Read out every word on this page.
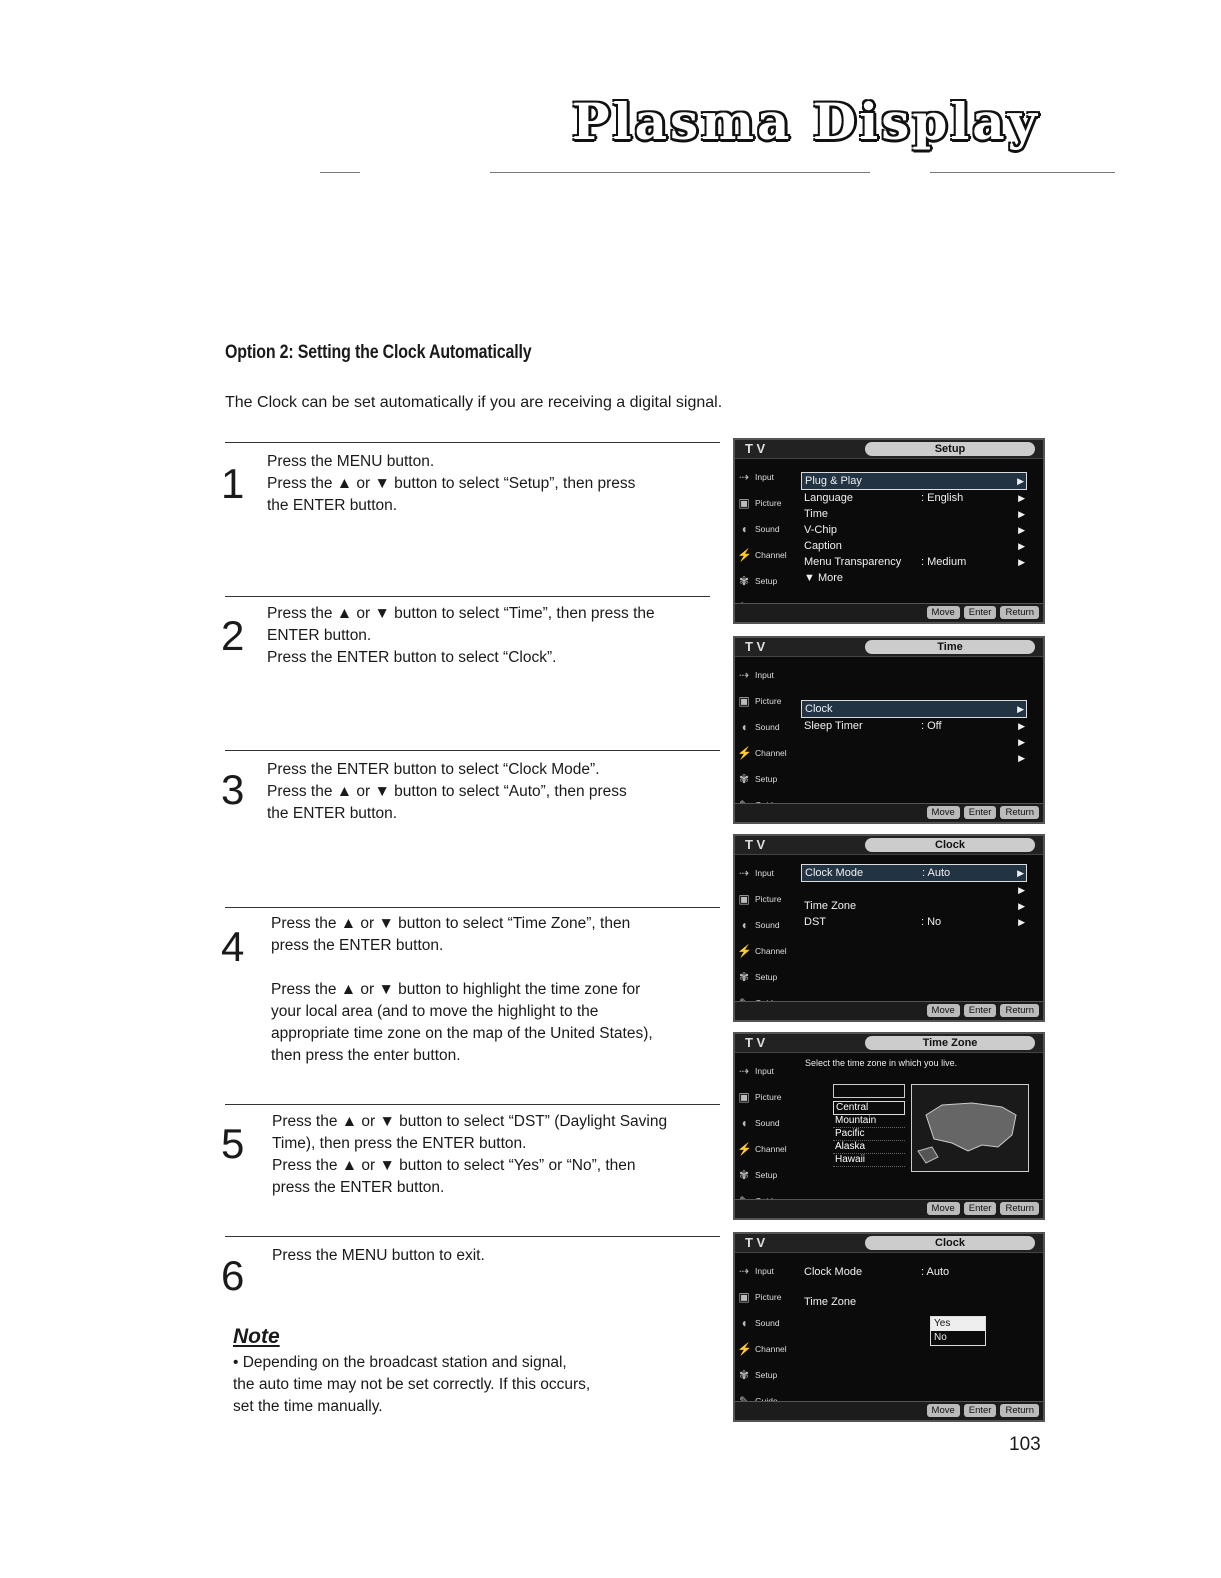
Plasma Display
Option 2: Setting the Clock Automatically
The Clock can be set automatically if you are receiving a digital signal.
1 Press the MENU button.
Press the ▲ or ▼ button to select “Setup”, then press
the ENTER button.
2 Press the ▲ or ▼ button to select “Time”, then press the
ENTER button.
Press the ENTER button to select “Clock”.
3 Press the ENTER button to select “Clock Mode”.
Press the ▲ or ▼ button to select “Auto”, then press
the ENTER button.
4 Press the ▲ or ▼ button to select “Time Zone”, then
press the ENTER button.
Press the ▲ or ▼ button to highlight the time zone for
your local area (and to move the highlight to the
appropriate time zone on the map of the United States),
then press the enter button.
5 Press the ▲ or ▼ button to select “DST” (Daylight Saving
Time), then press the ENTER button.
Press the ▲ or ▼ button to select “Yes” or “No”, then
press the ENTER button.
6 Press the MENU button to exit.
Note
• Depending on the broadcast station and signal,
the auto time may not be set correctly. If this occurs,
set the time manually.
T V	Setup
⇢ Input
▣ Picture
◖ Sound
⚡ Channel
✾ Setup
Plug & Play	▶
Language	: English	▶
Time	▶
V-Chip	▶
Caption	▶
Menu Transparency : Medium	▶
▼ More
Move	Enter	Return
T V	Time
⇢ Input
▣ Picture
◖ Sound
⚡ Channel
✾ Setup
Clock	▶
Sleep Timer	: Off	▶
▶
▶
Move	Enter	Return
T V	Clock
⇢ Input
▣ Picture
◖ Sound
⚡ Channel
✾ Setup
Clock Mode	: Auto	▶
▶
Time Zone	▶
DST	: No	▶
Move	Enter	Return
T V	Time Zone
⇢ Input
▣ Picture
◖ Sound
⚡ Channel
✾ Setup
Select the time zone in which you live.
Central
Mountain
Pacific
Alaska
Hawaii
Move	Enter	Return
T V	Clock
⇢ Input
▣ Picture
◖ Sound
⚡ Channel
✾ Setup
Clock Mode	: Auto
Time Zone
Yes
No
Move	Enter	Return
103
